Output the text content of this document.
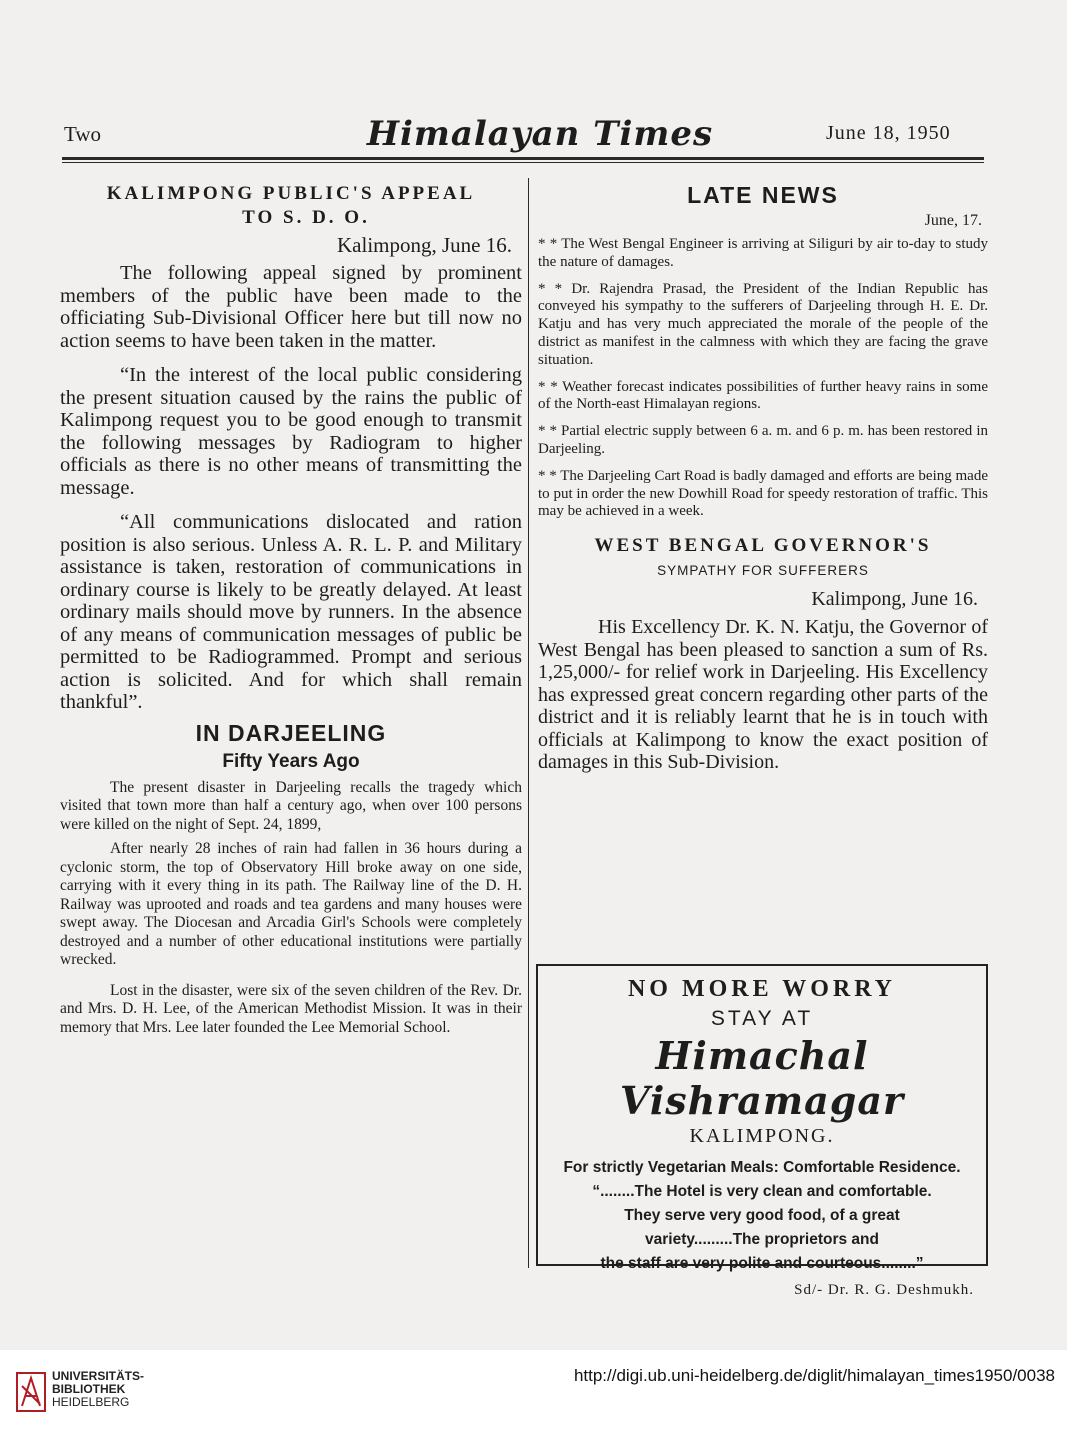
Two	Himalayan Times	June 18, 1950

KALIMPONG PUBLIC'S APPEAL

TO S. D. O.

Kalimpong, June 16.

The following appeal signed by prominent members of the public have been made to the officiating Sub-Divisional Officer here but till now no action seems to have been taken in the matter.

“In the interest of the local public considering the present situation caused by the rains the public of Kalimpong request you to be good enough to transmit the following messages by Radiogram to higher officials as there is no other means of transmitting the message.

“All communications dislocated and ration position is also serious. Unless A. R. L. P. and Military assistance is taken, restoration of communications in ordinary course is likely to be greatly delayed. At least ordinary mails should move by runners. In the absence of any means of communication messages of public be permitted to be Radiogrammed. Prompt and serious action is solicited. And for which shall remain thankful”.

IN DARJEELING

Fifty Years Ago

The present disaster in Darjeeling recalls the tragedy which visited that town more than half a century ago, when over 100 persons were killed on the night of Sept. 24, 1899,

After nearly 28 inches of rain had fallen in 36 hours during a cyclonic storm, the top of Observatory Hill broke away on one side, carrying with it every thing in its path. The Railway line of the D. H. Railway was uprooted and roads and tea gardens and many houses were swept away. The Diocesan and Arcadia Girl's Schools were completely destroyed and a number of other educational institutions were partially wrecked.

Lost in the disaster, were six of the seven children of the Rev. Dr. and Mrs. D. H. Lee, of the American Methodist Mission. It was in their memory that Mrs. Lee later founded the Lee Memorial School.

LATE NEWS

June, 17.

* * The West Bengal Engineer is arriving at Siliguri by air to-day to study the nature of damages.

* * Dr. Rajendra Prasad, the President of the Indian Republic has conveyed his sympathy to the sufferers of Darjeeling through H. E. Dr. Katju and has very much appreciated the morale of the people of the district as manifest in the calmness with which they are facing the grave situation.

* * Weather forecast indicates possibilities of further heavy rains in some of the North-east Himalayan regions.

* * Partial electric supply between 6 a. m. and 6 p. m. has been restored in Darjeeling.

* * The Darjeeling Cart Road is badly damaged and efforts are being made to put in order the new Dowhill Road for speedy restoration of traffic. This may be achieved in a week.

WEST BENGAL GOVERNOR'S

SYMPATHY FOR SUFFERERS

Kalimpong, June 16.

His Excellency Dr. K. N. Katju, the Governor of West Bengal has been pleased to sanction a sum of Rs. 1,25,000/- for relief work in Darjeeling. His Excellency has expressed great concern regarding other parts of the district and it is reliably learnt that he is in touch with officials at Kalimpong to know the exact position of damages in this Sub-Division.

NO MORE WORRY

STAY AT

Himachal Vishramagar

KALIMPONG.

For strictly Vegetarian Meals: Comfortable Residence.

“........The Hotel is very clean and comfortable.

They serve very good food, of a great

variety.........The proprietors and

the staff are very polite and courteous........”

Sd/- Dr. R. G. Deshmukh.

UNIVERSITÄTS-
BIBLIOTHEK
HEIDELBERG
http://digi.ub.uni-heidelberg.de/diglit/himalayan_times1950/0038
